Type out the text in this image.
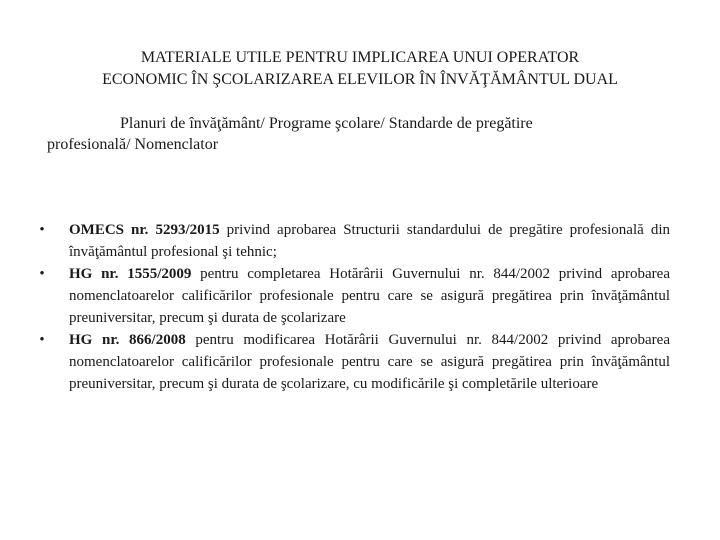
MATERIALE UTILE PENTRU IMPLICAREA UNUI OPERATOR
ECONOMIC ÎN ŞCOLARIZAREA ELEVILOR ÎN ÎNVĂŢĂMÂNTUL DUAL

Planuri de învăţământ/ Programe şcolare/ Standarde de pregătire
profesională/ Nomenclator

•	OMECS nr. 5293/2015 privind aprobarea Structurii standardului de pregătire profesională din învăţământul profesional şi tehnic;
•	HG nr. 1555/2009 pentru completarea Hotărârii Guvernului nr. 844/2002 privind aprobarea nomenclatoarelor calificărilor profesionale pentru care se asigură pregătirea prin învăţământul preuniversitar, precum şi durata de şcolarizare
•	HG nr. 866/2008 pentru modificarea Hotărârii Guvernului nr. 844/2002 privind aprobarea nomenclatoarelor calificărilor profesionale pentru care se asigură pregătirea prin învăţământul preuniversitar, precum şi durata de şcolarizare, cu modificările şi completările ulterioare
